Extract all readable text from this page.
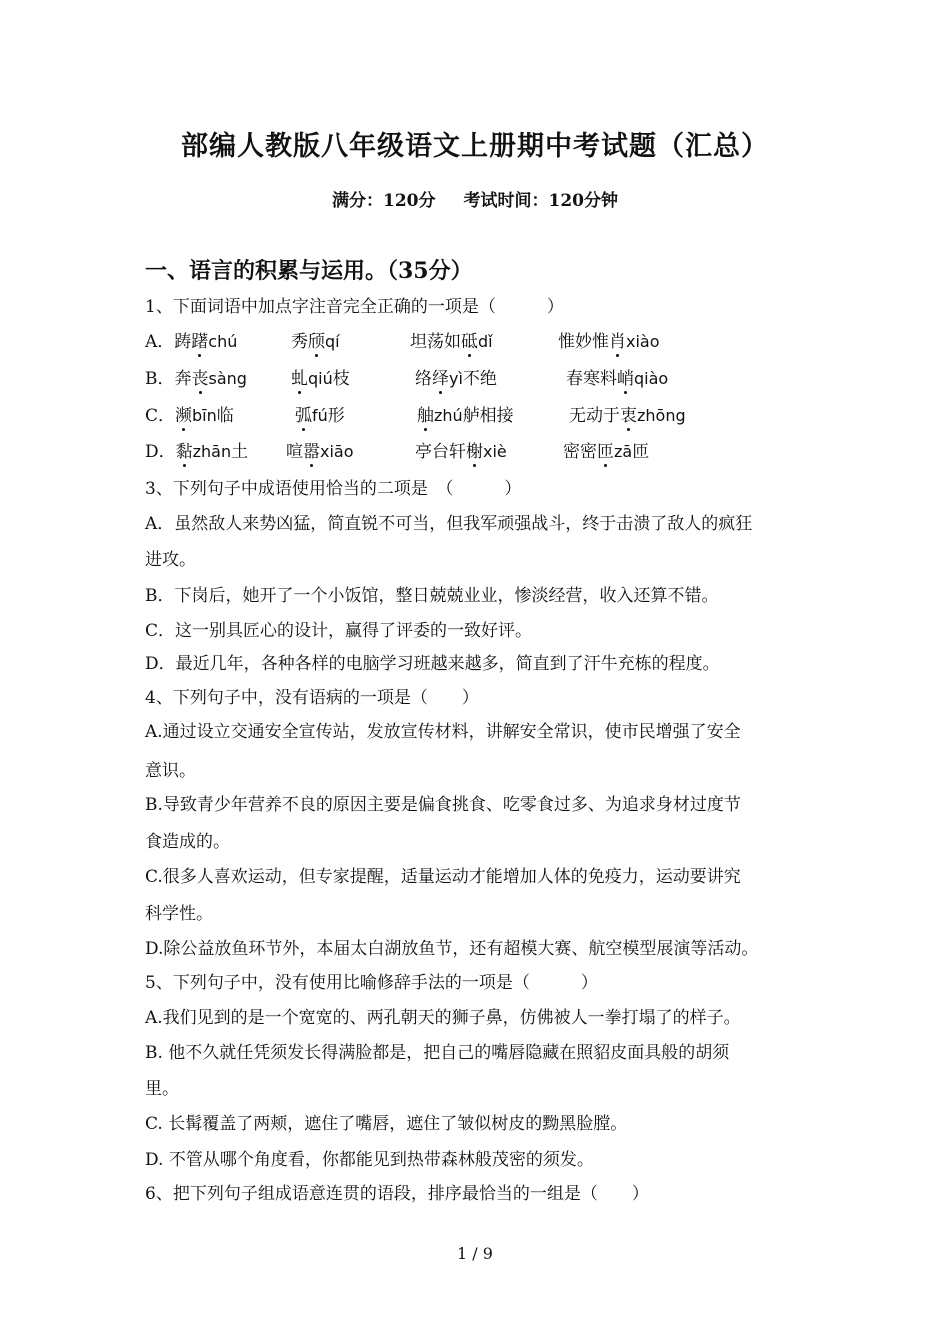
部编人教版八年级语文上册期中考试题（汇总）
满分：120分 考试时间：120分钟
一、语言的积累与运用。（35分）
1、下面词语中加点字注音完全正确的一项是（　　　）
A．踌躇chú	秀颀qí	坦荡如砥dǐ	惟妙惟肖xiào
B．奔丧sàng	虬qiú枝	络绎yì不绝	春寒料峭qiào
C．濒bīn临	弧fú形	舳zhú舻相接	无动于衷zhōng
D．黏zhān土 喧嚣xiāo	亭台轩榭xiè	密密匝zā匝
3、下列句子中成语使用恰当的二项是　（　　　）
A．虽然敌人来势凶猛，简直锐不可当，但我军顽强战斗，终于击溃了敌人的疯狂
进攻。
B．下岗后，她开了一个小饭馆，整日兢兢业业，惨淡经营，收入还算不错。
C．这一别具匠心的设计，赢得了评委的一致好评。
D．最近几年，各种各样的电脑学习班越来越多，简直到了汗牛充栋的程度。
4、下列句子中，没有语病的一项是（　　）
A.通过设立交通安全宣传站，发放宣传材料，讲解安全常识，使市民增强了安全
意识。
B.导致青少年营养不良的原因主要是偏食挑食、吃零食过多、为追求身材过度节
食造成的。
C.很多人喜欢运动，但专家提醒，适量运动才能增加人体的免疫力，运动要讲究
科学性。
D.除公益放鱼环节外，本届太白湖放鱼节，还有超模大赛、航空模型展演等活动。
5、下列句子中，没有使用比喻修辞手法的一项是（　　　）
A.我们见到的是一个宽宽的、两孔朝天的狮子鼻，仿佛被人一拳打塌了的样子。
B. 他不久就任凭须发长得满脸都是，把自己的嘴唇隐藏在照貂皮面具般的胡须
里。
C. 长髯覆盖了两颊，遮住了嘴唇，遮住了皱似树皮的黝黑脸膛。
D. 不管从哪个角度看，你都能见到热带森林般茂密的须发。
6、把下列句子组成语意连贯的语段，排序最恰当的一组是（　　）
1 / 9
